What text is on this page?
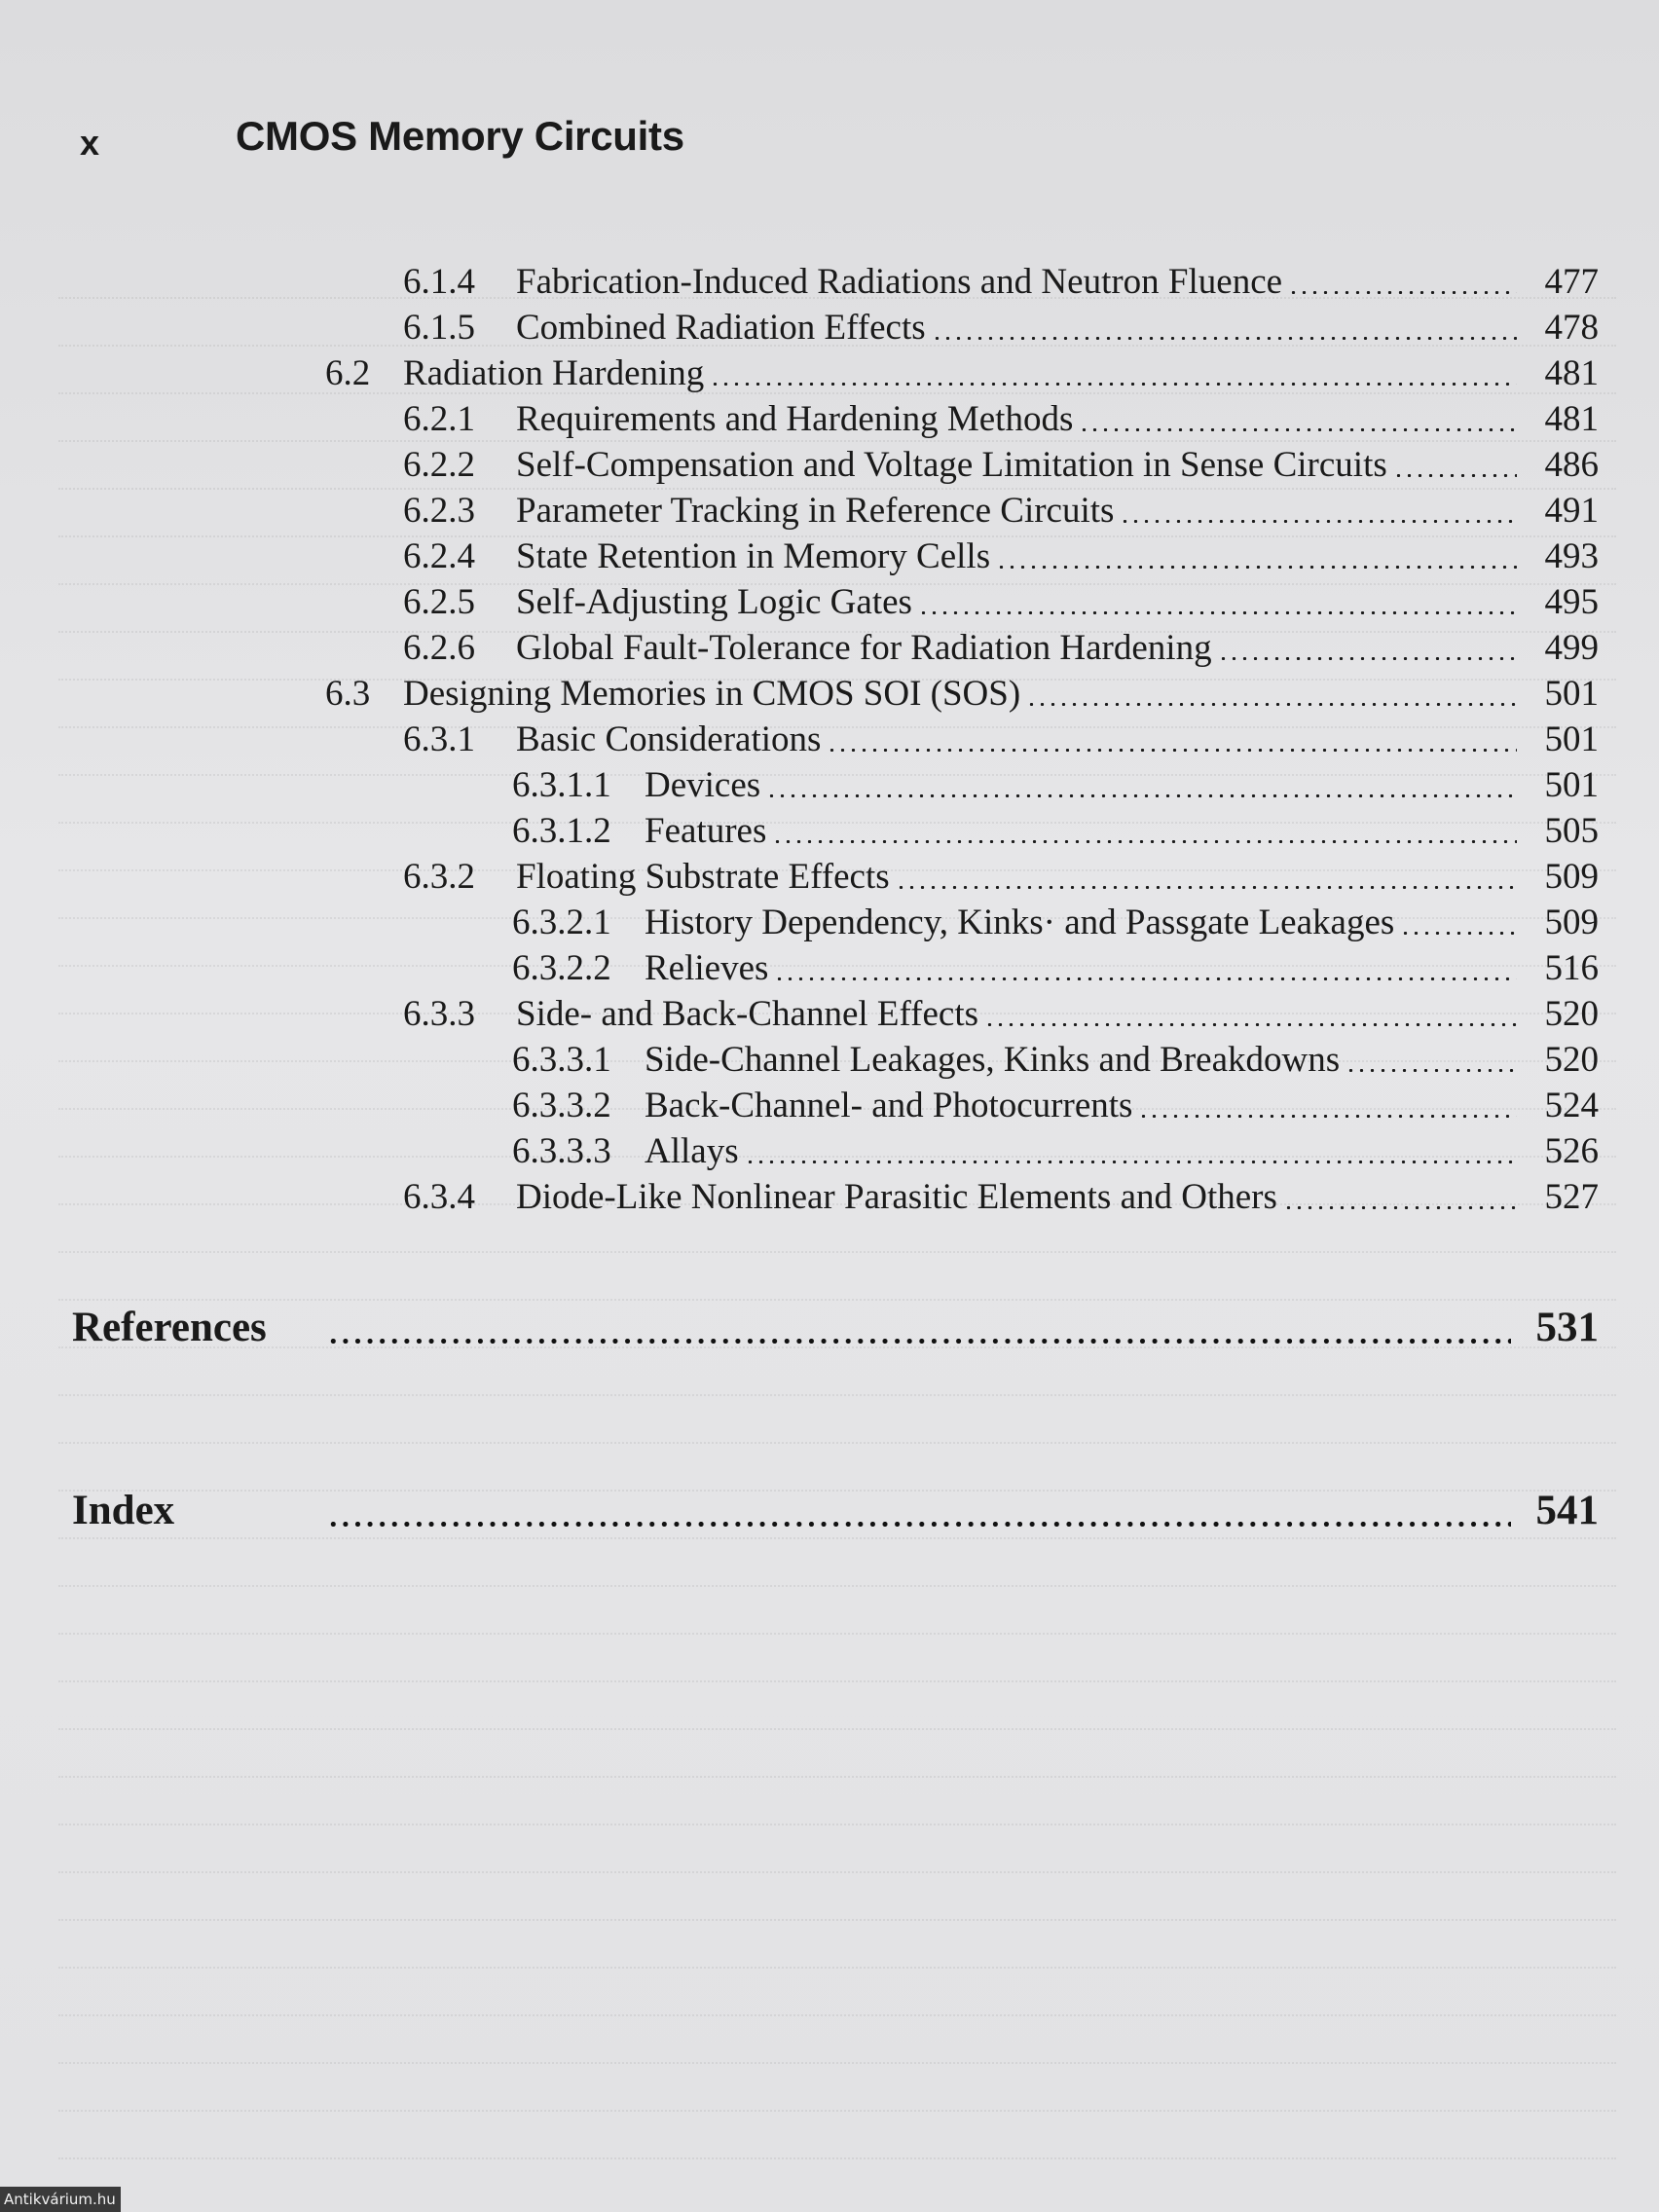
x	CMOS Memory Circuits
6.1.4 Fabrication-Induced Radiations and Neutron Fluence	477
6.1.5 Combined Radiation Effects	478
6.2 Radiation Hardening	481
6.2.1 Requirements and Hardening Methods	481
6.2.2 Self-Compensation and Voltage Limitation in Sense Circuits	486
6.2.3 Parameter Tracking in Reference Circuits	491
6.2.4 State Retention in Memory Cells	493
6.2.5 Self-Adjusting Logic Gates	495
6.2.6 Global Fault-Tolerance for Radiation Hardening	499
6.3 Designing Memories in CMOS SOI (SOS)	501
6.3.1 Basic Considerations	501
6.3.1.1 Devices	501
6.3.1.2 Features	505
6.3.2 Floating Substrate Effects	509
6.3.2.1 History Dependency, Kinks· and Passgate Leakages	509
6.3.2.2 Relieves	516
6.3.3 Side- and Back-Channel Effects	520
6.3.3.1 Side-Channel Leakages, Kinks and Breakdowns	520
6.3.3.2 Back-Channel- and Photocurrents	524
6.3.3.3 Allays	526
6.3.4 Diode-Like Nonlinear Parasitic Elements and Others	527
References	531
Index	541
Antikvárium.hu
